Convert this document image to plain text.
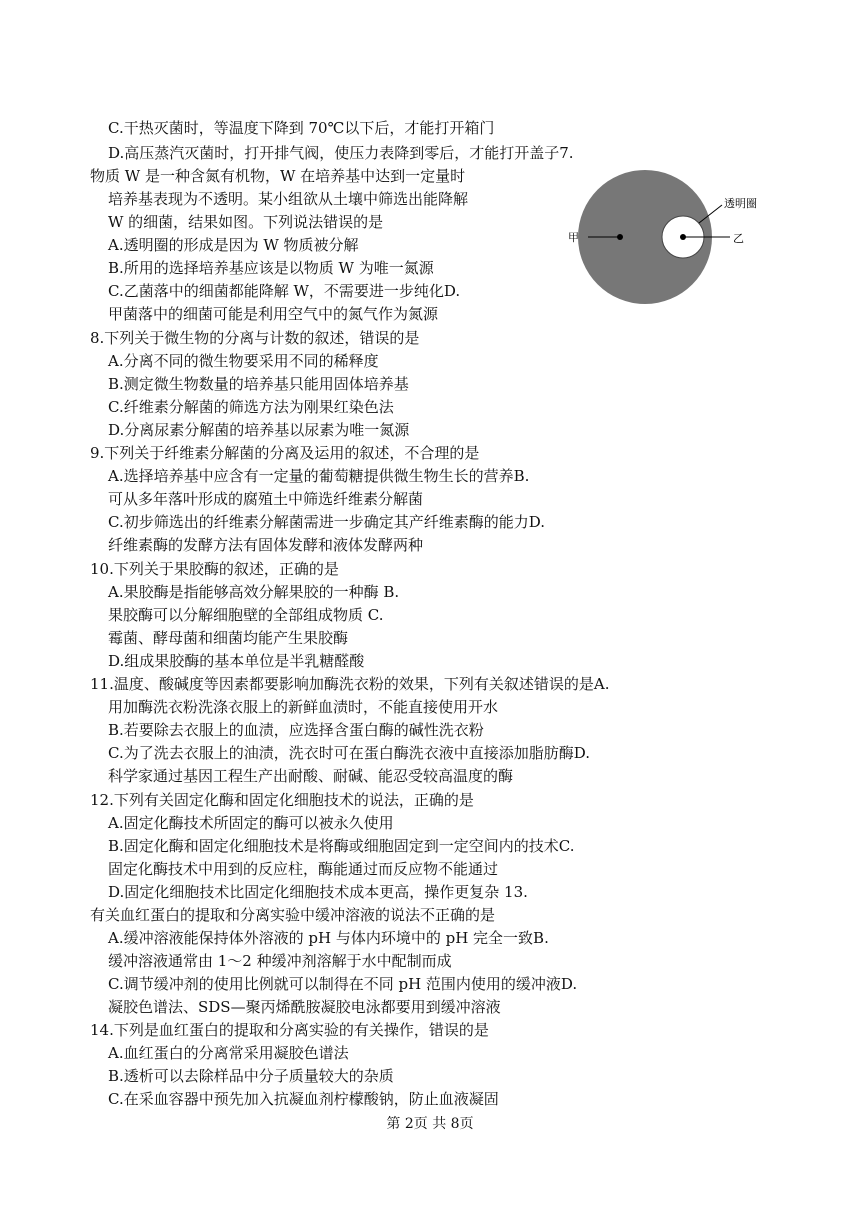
C.干热灭菌时，等温度下降到 70℃以下后，才能打开箱门
D.高压蒸汽灭菌时，打开排气阀，使压力表降到零后，才能打开盖子7.
物质 W 是一种含氮有机物，W 在培养基中达到一定量时
培养基表现为不透明。某小组欲从土壤中筛选出能降解
W 的细菌，结果如图。下列说法错误的是
A.透明圈的形成是因为 W 物质被分解
B.所用的选择培养基应该是以物质 W 为唯一氮源
C.乙菌落中的细菌都能降解 W，不需要进一步纯化D.
甲菌落中的细菌可能是利用空气中的氮气作为氮源
8.下列关于微生物的分离与计数的叙述，错误的是
A.分离不同的微生物要采用不同的稀释度
B.测定微生物数量的培养基只能用固体培养基
C.纤维素分解菌的筛选方法为刚果红染色法
D.分离尿素分解菌的培养基以尿素为唯一氮源
9.下列关于纤维素分解菌的分离及运用的叙述，不合理的是
A.选择培养基中应含有一定量的葡萄糖提供微生物生长的营养B.
可从多年落叶形成的腐殖土中筛选纤维素分解菌
C.初步筛选出的纤维素分解菌需进一步确定其产纤维素酶的能力D.
纤维素酶的发酵方法有固体发酵和液体发酵两种
10.下列关于果胶酶的叙述，正确的是
A.果胶酶是指能够高效分解果胶的一种酶 B.
果胶酶可以分解细胞壁的全部组成物质 C.
霉菌、酵母菌和细菌均能产生果胶酶
D.组成果胶酶的基本单位是半乳糖醛酸
11.温度、酸碱度等因素都要影响加酶洗衣粉的效果，下列有关叙述错误的是A.
用加酶洗衣粉洗涤衣服上的新鲜血渍时，不能直接使用开水
B.若要除去衣服上的血渍，应选择含蛋白酶的碱性洗衣粉
C.为了洗去衣服上的油渍，洗衣时可在蛋白酶洗衣液中直接添加脂肪酶D.
科学家通过基因工程生产出耐酸、耐碱、能忍受较高温度的酶
12.下列有关固定化酶和固定化细胞技术的说法，正确的是
A.固定化酶技术所固定的酶可以被永久使用
B.固定化酶和固定化细胞技术是将酶或细胞固定到一定空间内的技术C.
固定化酶技术中用到的反应柱，酶能通过而反应物不能通过
D.固定化细胞技术比固定化细胞技术成本更高，操作更复杂 13.
有关血红蛋白的提取和分离实验中缓冲溶液的说法不正确的是
A.缓冲溶液能保持体外溶液的 pH 与体内环境中的 pH 完全一致B.
缓冲溶液通常由 1～2 种缓冲剂溶解于水中配制而成
C.调节缓冲剂的使用比例就可以制得在不同 pH 范围内使用的缓冲液D.
凝胶色谱法、SDS—聚丙烯酰胺凝胶电泳都要用到缓冲溶液
14.下列是血红蛋白的提取和分离实验的有关操作，错误的是
A.血红蛋白的分离常采用凝胶色谱法
B.透析可以去除样品中分子质量较大的杂质
C.在采血容器中预先加入抗凝血剂柠檬酸钠，防止血液凝固
甲	乙
透明圈
第 2页 共 8页
